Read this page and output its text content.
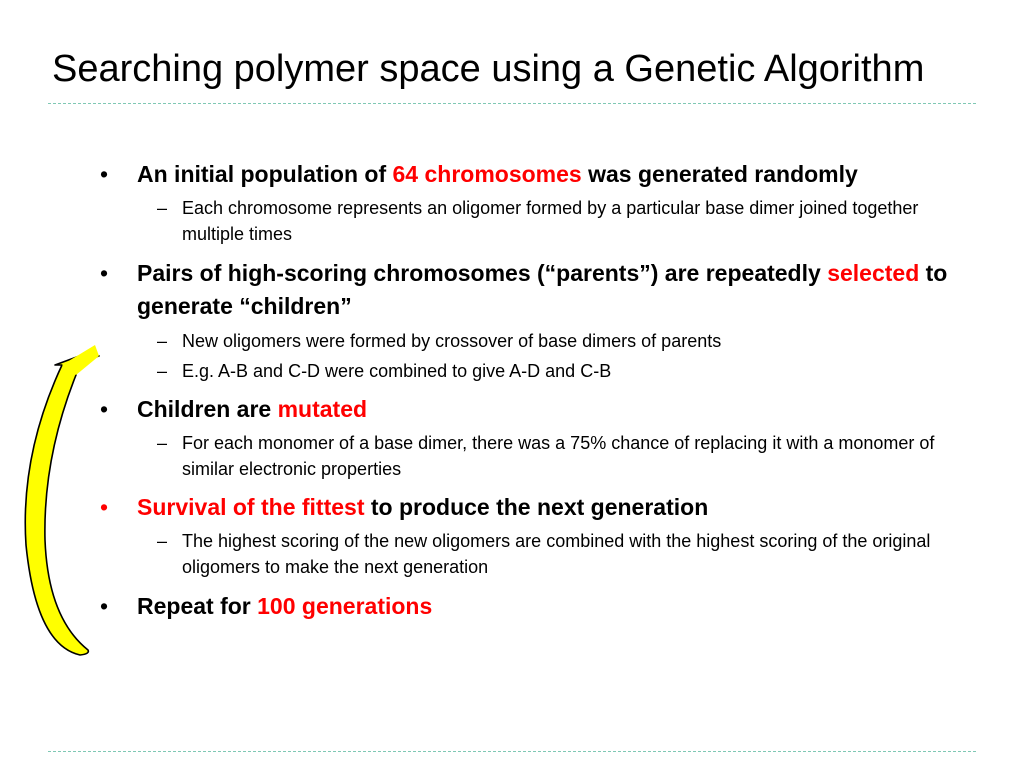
Searching polymer space using a Genetic Algorithm

• An initial population of 64 chromosomes was generated randomly

– Each chromosome represents an oligomer formed by a particular base dimer joined together multiple times

• Pairs of high-scoring chromosomes (“parents”) are repeatedly selected to generate “children”

– New oligomers were formed by crossover of base dimers of parents

– E.g. A-B and C-D were combined to give A-D and C-B

• Children are mutated

– For each monomer of a base dimer, there was a 75% chance of replacing it with a monomer of similar electronic properties

• Survival of the fittest to produce the next generation

– The highest scoring of the new oligomers are combined with the highest scoring of the original oligomers to make the next generation

• Repeat for 100 generations
